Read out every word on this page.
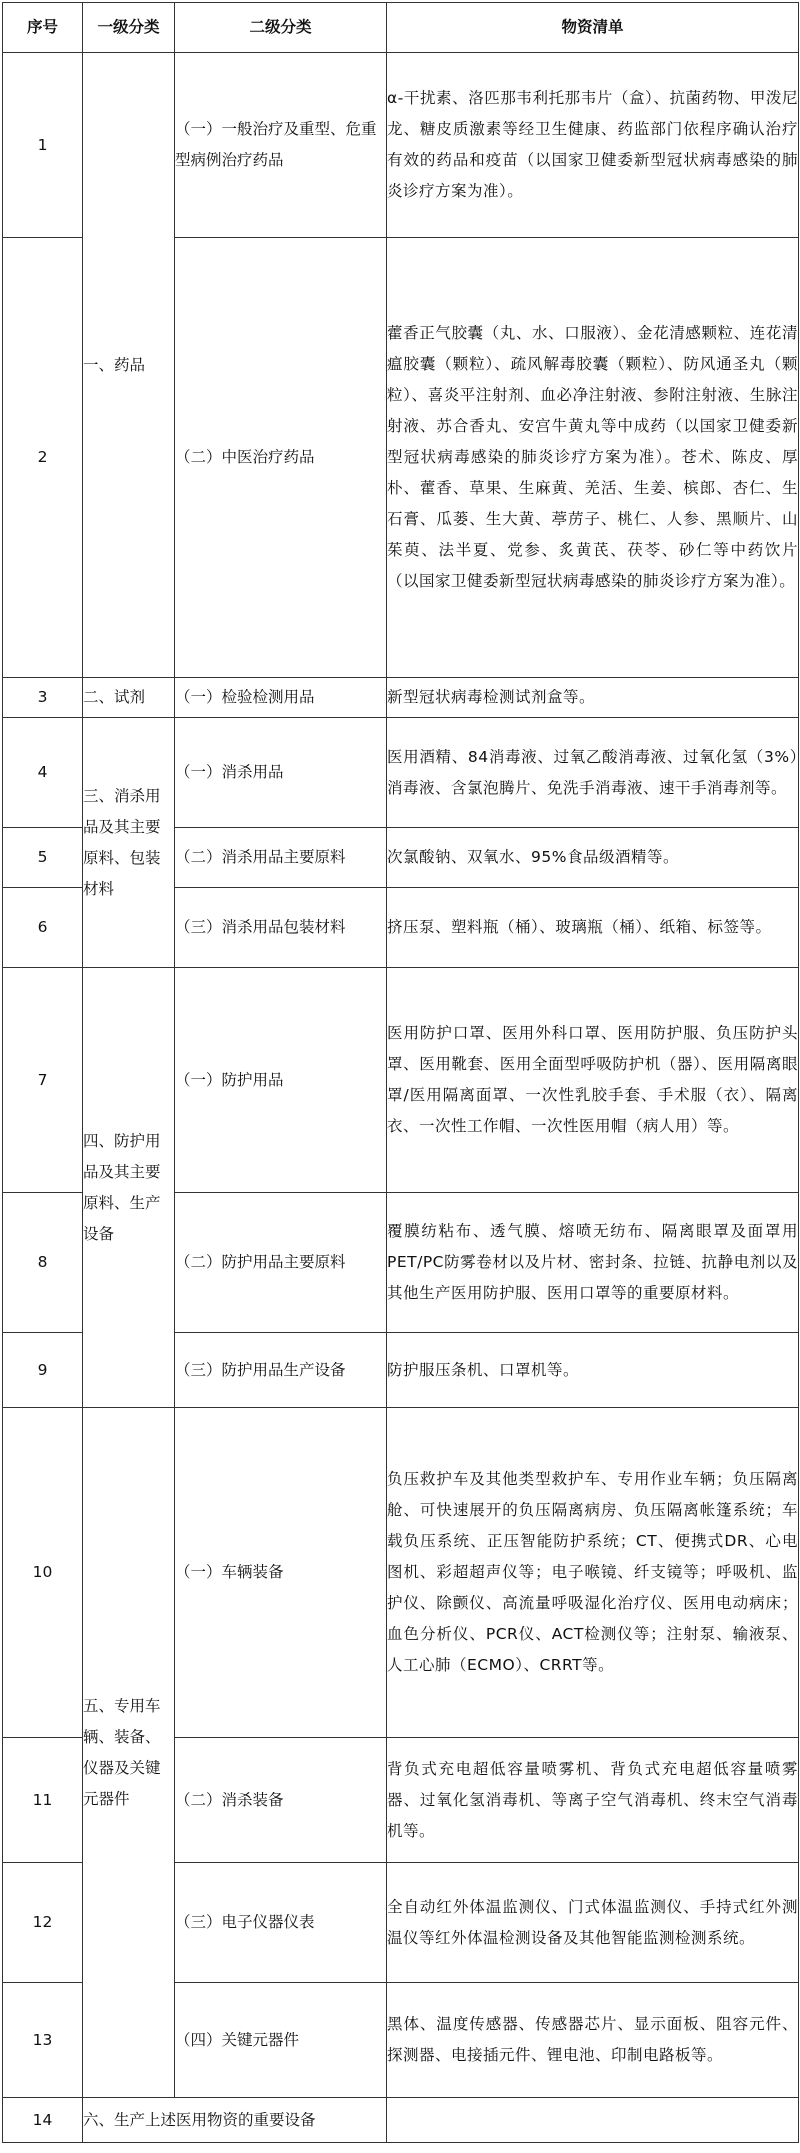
序号	一级分类	二级分类	物资清单
1	一、药品	（一）一般治疗及重型、危重型病例治疗药品	α-干扰素、洛匹那韦利托那韦片（盒）、抗菌药物、甲泼尼龙、糖皮质激素等经卫生健康、药监部门依程序确认治疗有效的药品和疫苗（以国家卫健委新型冠状病毒感染的肺炎诊疗方案为准）。
2		（二）中医治疗药品	藿香正气胶囊（丸、水、口服液）、金花清感颗粒、连花清瘟胶囊（颗粒）、疏风解毒胶囊（颗粒）、防风通圣丸（颗粒）、喜炎平注射剂、血必净注射液、参附注射液、生脉注射液、苏合香丸、安宫牛黄丸等中成药（以国家卫健委新型冠状病毒感染的肺炎诊疗方案为准）。苍术、陈皮、厚朴、藿香、草果、生麻黄、羌活、生姜、槟郎、杏仁、生石膏、瓜蒌、生大黄、葶苈子、桃仁、人参、黑顺片、山茱萸、法半夏、党参、炙黄芪、茯苓、砂仁等中药饮片（以国家卫健委新型冠状病毒感染的肺炎诊疗方案为准）。
3	二、试剂	（一）检验检测用品	新型冠状病毒检测试剂盒等。
4	三、消杀用品及其主要原料、包装材料	（一）消杀用品	医用酒精、84消毒液、过氧乙酸消毒液、过氧化氢（3%）消毒液、含氯泡腾片、免洗手消毒液、速干手消毒剂等。
5		（二）消杀用品主要原料	次氯酸钠、双氧水、95%食品级酒精等。
6		（三）消杀用品包装材料	挤压泵、塑料瓶（桶）、玻璃瓶（桶）、纸箱、标签等。
7	四、防护用品及其主要原料、生产设备	（一）防护用品	医用防护口罩、医用外科口罩、医用防护服、负压防护头罩、医用靴套、医用全面型呼吸防护机（器）、医用隔离眼罩/医用隔离面罩、一次性乳胶手套、手术服（衣）、隔离衣、一次性工作帽、一次性医用帽（病人用）等。
8		（二）防护用品主要原料	覆膜纺粘布、透气膜、熔喷无纺布、隔离眼罩及面罩用PET/PC防雾卷材以及片材、密封条、拉链、抗静电剂以及其他生产医用防护服、医用口罩等的重要原材料。
9		（三）防护用品生产设备	防护服压条机、口罩机等。
10	五、专用车辆、装备、仪器及关键元器件	（一）车辆装备	负压救护车及其他类型救护车、专用作业车辆；负压隔离舱、可快速展开的负压隔离病房、负压隔离帐篷系统；车载负压系统、正压智能防护系统；CT、便携式DR、心电图机、彩超超声仪等；电子喉镜、纤支镜等；呼吸机、监护仪、除颤仪、高流量呼吸湿化治疗仪、医用电动病床；血色分析仪、PCR仪、ACT检测仪等；注射泵、输液泵、人工心肺（ECMO）、CRRT等。
11		（二）消杀装备	背负式充电超低容量喷雾机、背负式充电超低容量喷雾器、过氧化氢消毒机、等离子空气消毒机、终末空气消毒机等。
12		（三）电子仪器仪表	全自动红外体温监测仪、门式体温监测仪、手持式红外测温仪等红外体温检测设备及其他智能监测检测系统。
13		（四）关键元器件	黑体、温度传感器、传感器芯片、显示面板、阻容元件、探测器、电接插元件、锂电池、印制电路板等。
14	六、生产上述医用物资的重要设备		
